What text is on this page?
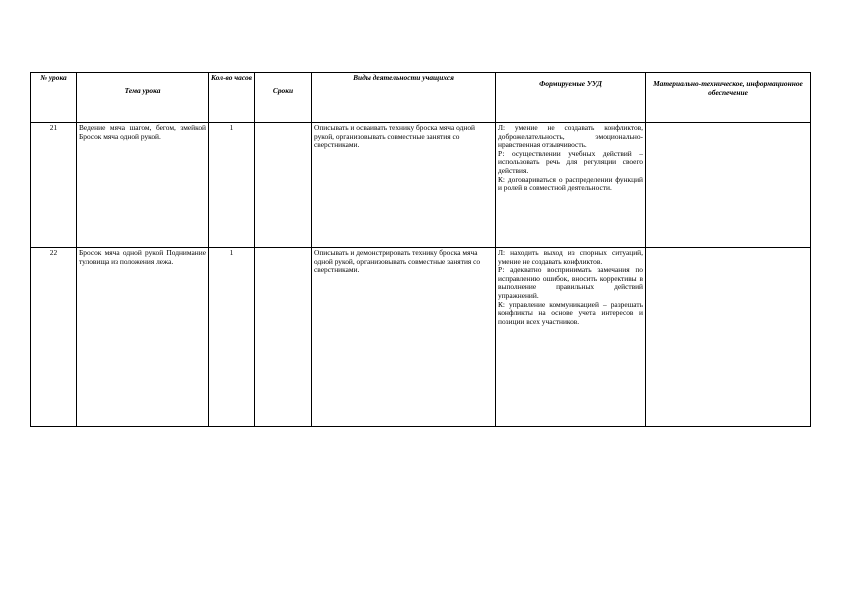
№ урока	Тема урока	Кол-во часов	Сроки	Виды деятельности учащихся	Формируемые УУД	Материально-техническое, информационное обеспечение
21	Ведение мяча шагом, бегом, змейкой Бросок мяча одной рукой.	1		Описывать и осваивать технику броска мяча одной рукой, организовывать совместные занятия со сверстниками.	Л: умение не создавать конфликтов, доброжелательность, эмоционально-нравственная отзывчивость.
Р: осуществлении учебных действий – использовать речь для регуляции своего действия.
К: договариваться о распределении функций и ролей в совместной деятельности.	

22	Бросок мяча одной рукой Поднимание туловища из положения лежа.	1		Описывать и демонстрировать технику броска мяча одной рукой, организовывать совместные занятия со сверстниками.	Л: находить выход из спорных ситуаций, умение не создавать конфликтов.
Р: адекватно воспринимать замечания по исправлению ошибок, вносить коррективы в выполнение правильных действий упражнений.
К: управление коммуникацией – разрешать конфликты на основе учета интересов и позиции всех участников.	
